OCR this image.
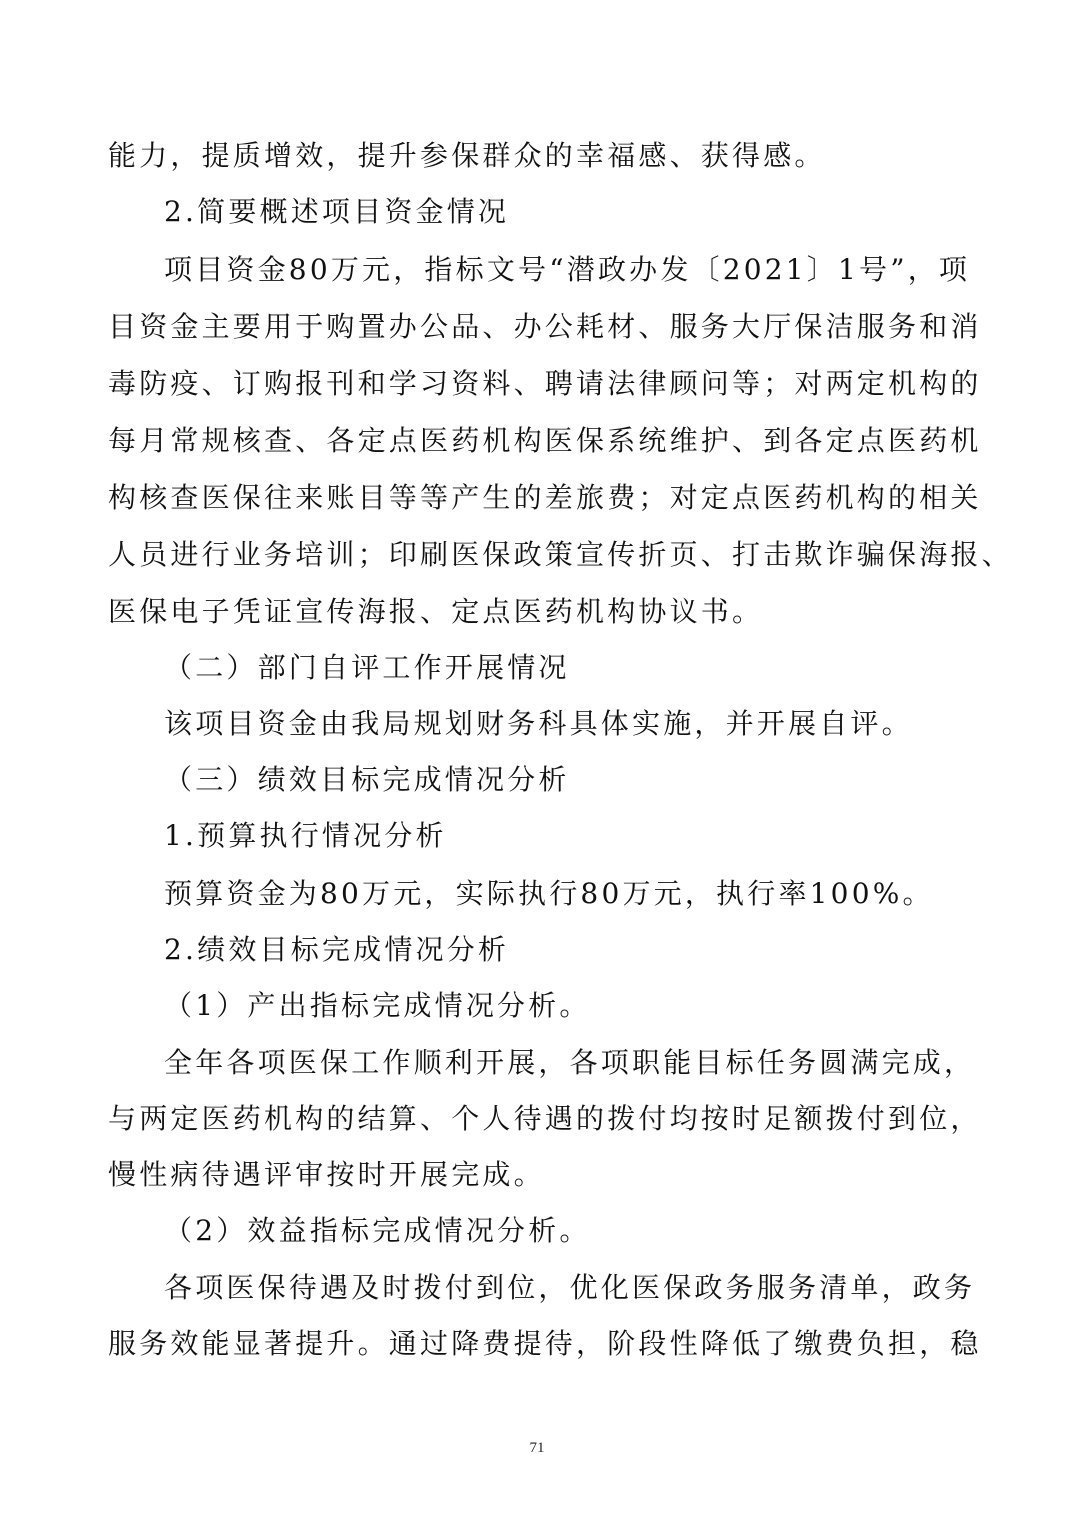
能力，提质增效，提升参保群众的幸福感、获得感。
2.简要概述项目资金情况
项目资金80万元，指标文号“潜政办发〔2021〕1号”，项
目资金主要用于购置办公品、办公耗材、服务大厅保洁服务和消
毒防疫、订购报刊和学习资料、聘请法律顾问等；对两定机构的
每月常规核查、各定点医药机构医保系统维护、到各定点医药机
构核查医保往来账目等等产生的差旅费；对定点医药机构的相关
人员进行业务培训；印刷医保政策宣传折页、打击欺诈骗保海报、
医保电子凭证宣传海报、定点医药机构协议书。
（二）部门自评工作开展情况
该项目资金由我局规划财务科具体实施，并开展自评。
（三）绩效目标完成情况分析
1.预算执行情况分析
预算资金为80万元，实际执行80万元，执行率100%。
2.绩效目标完成情况分析
（1）产出指标完成情况分析。
全年各项医保工作顺利开展，各项职能目标任务圆满完成，
与两定医药机构的结算、个人待遇的拨付均按时足额拨付到位，
慢性病待遇评审按时开展完成。
（2）效益指标完成情况分析。
各项医保待遇及时拨付到位，优化医保政务服务清单，政务
服务效能显著提升。通过降费提待，阶段性降低了缴费负担，稳
71
